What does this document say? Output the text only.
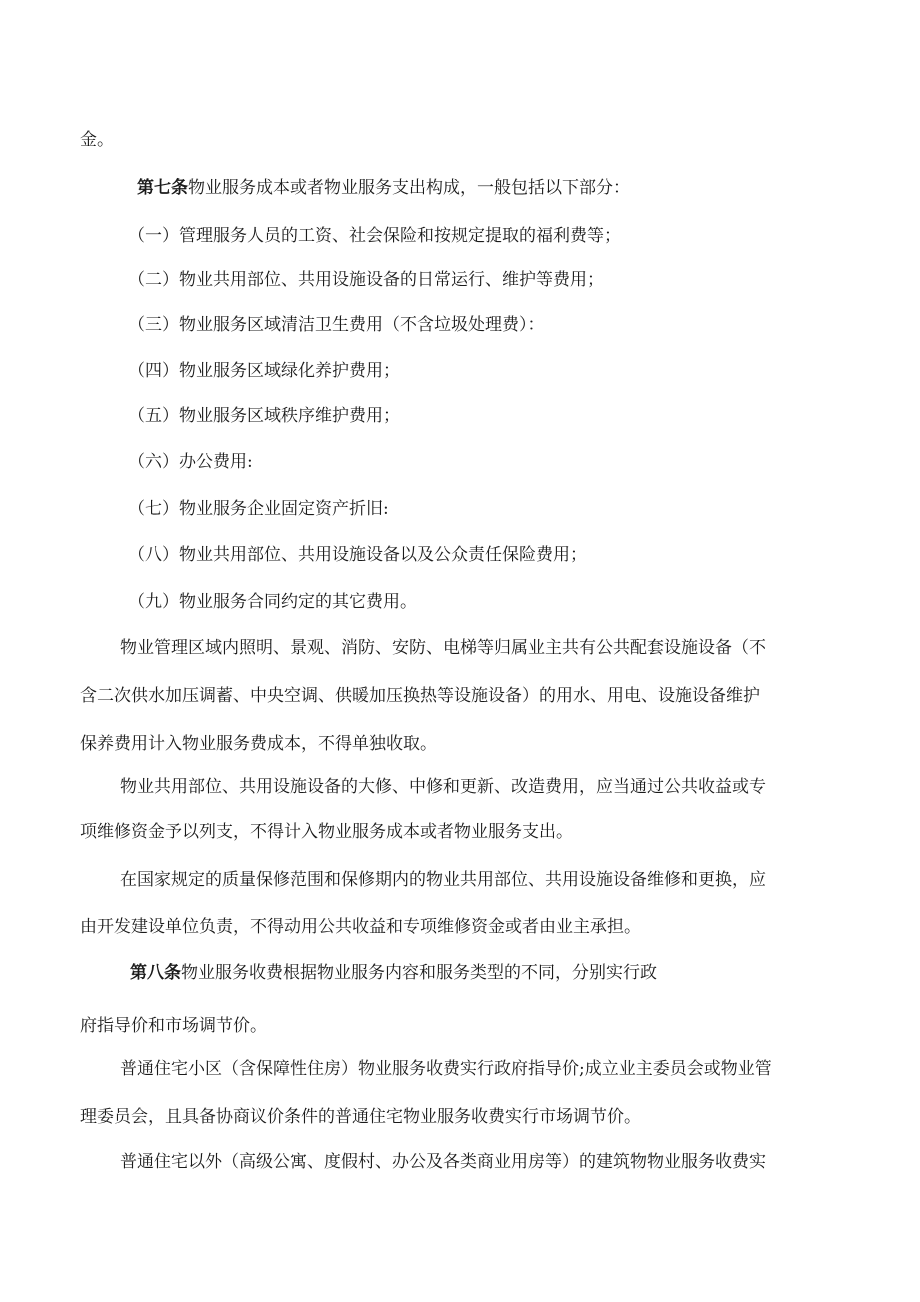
金。

第七条物业服务成本或者物业服务支出构成，一般包括以下部分：

（一）管理服务人员的工资、社会保险和按规定提取的福利费等；

（二）物业共用部位、共用设施设备的日常运行、维护等费用；

（三）物业服务区域清洁卫生费用（不含垃圾处理费）：

（四）物业服务区域绿化养护费用；

（五）物业服务区域秩序维护费用；

（六）办公费用:

（七）物业服务企业固定资产折旧:

（八）物业共用部位、共用设施设备以及公众责任保险费用；

（九）物业服务合同约定的其它费用。

物业管理区域内照明、景观、消防、安防、电梯等归属业主共有公共配套设施设备（不

含二次供水加压调蓄、中央空调、供暖加压换热等设施设备）的用水、用电、设施设备维护

保养费用计入物业服务费成本，不得单独收取。

物业共用部位、共用设施设备的大修、中修和更新、改造费用，应当通过公共收益或专

项维修资金予以列支，不得计入物业服务成本或者物业服务支出。

在国家规定的质量保修范围和保修期内的物业共用部位、共用设施设备维修和更换，应

由开发建设单位负责，不得动用公共收益和专项维修资金或者由业主承担。

第八条物业服务收费根据物业服务内容和服务类型的不同，分别实行政

府指导价和市场调节价。

普通住宅小区（含保障性住房）物业服务收费实行政府指导价;成立业主委员会或物业管

理委员会，且具备协商议价条件的普通住宅物业服务收费实行市场调节价。

普通住宅以外（高级公寓、度假村、办公及各类商业用房等）的建筑物物业服务收费实
